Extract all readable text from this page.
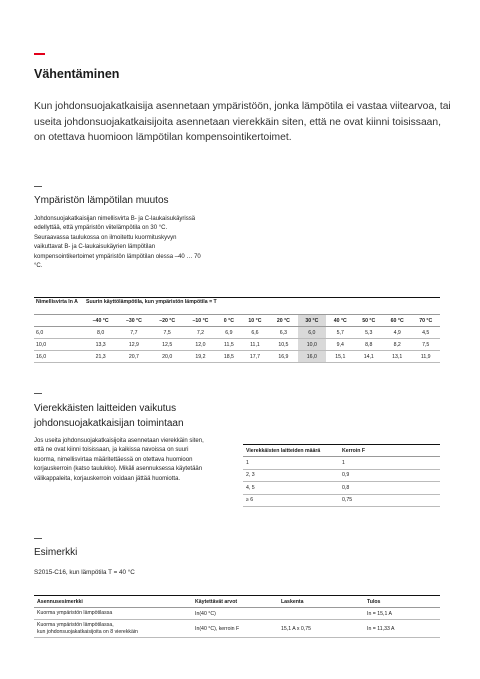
Vähentäminen

Kun johdonsuojakatkaisija asennetaan ympäristöön, jonka lämpötila ei vastaa viitearvoa, tai useita johdonsuojakatkaisijoita asennetaan vierekkäin siten, että ne ovat kiinni toisissaan, on otettava huomioon lämpötilan kompensointikertoimet.

Ympäristön lämpötilan muutos

Johdonsuojakatkaisijan nimellisvirta B- ja C-laukaisukäyrissä edellyttää, että ympäristön viitelämpötila on 30 °C. Seuraavassa taulukossa on ilmoitettu kuormituskyvyn vaikuttavat B- ja C-laukaisukäyrien lämpötilan kompensointikertoimet ympäristön lämpötilan olessa –40 … 70 °C.

Nimellisvirta In A	Suurin käyttölämpötila, kun ympäristön lämpötila = T											
	–40 °C	–30 °C	–20 °C	–10 °C	0 °C	10 °C	20 °C	30 °C	40 °C	50 °C	60 °C	70 °C
6,0	8,0	7,7	7,5	7,2	6,9	6,6	6,3	6,0	5,7	5,3	4,9	4,5
10,0	13,3	12,9	12,5	12,0	11,5	11,1	10,5	10,0	9,4	8,8	8,2	7,5
16,0	21,3	20,7	20,0	19,2	18,5	17,7	16,9	16,0	15,1	14,1	13,1	11,9
Vierekkäisten laitteiden vaikutus johdonsuojakatkaisijan toimintaan

Jos useita johdonsuojakatkaisijoita asennetaan vierekkäin siten, että ne ovat kiinni toisissaan, ja kaikissa navoissa on suuri kuorma, nimellisvirtaa määritettäessä on otettava huomioon korjauskerroin (katso taulukko). Mikäli asennuksessa käytetään välikappaleita, korjauskerroin voidaan jättää huomiotta.

Vierekkäisten laitteiden määrä	Kerroin F
1	1
2, 3	0,9
4, 5	0,8
≥ 6	0,75
Esimerkki

S2015-C16, kun lämpötila T = 40 °C

Asennusesimerkki	Käytettävät arvot	Laskenta	Tulos
Kuorma ympäristön lämpötilassa	In(40 °C)		In = 15,1 A
Kuorma ympäristön lämpötilassa,
kun johdonsuojakatkaisijoita on 8 vierekkäin	In(40 °C), kerroin F	15,1 A x 0,75	In = 11,33 A
